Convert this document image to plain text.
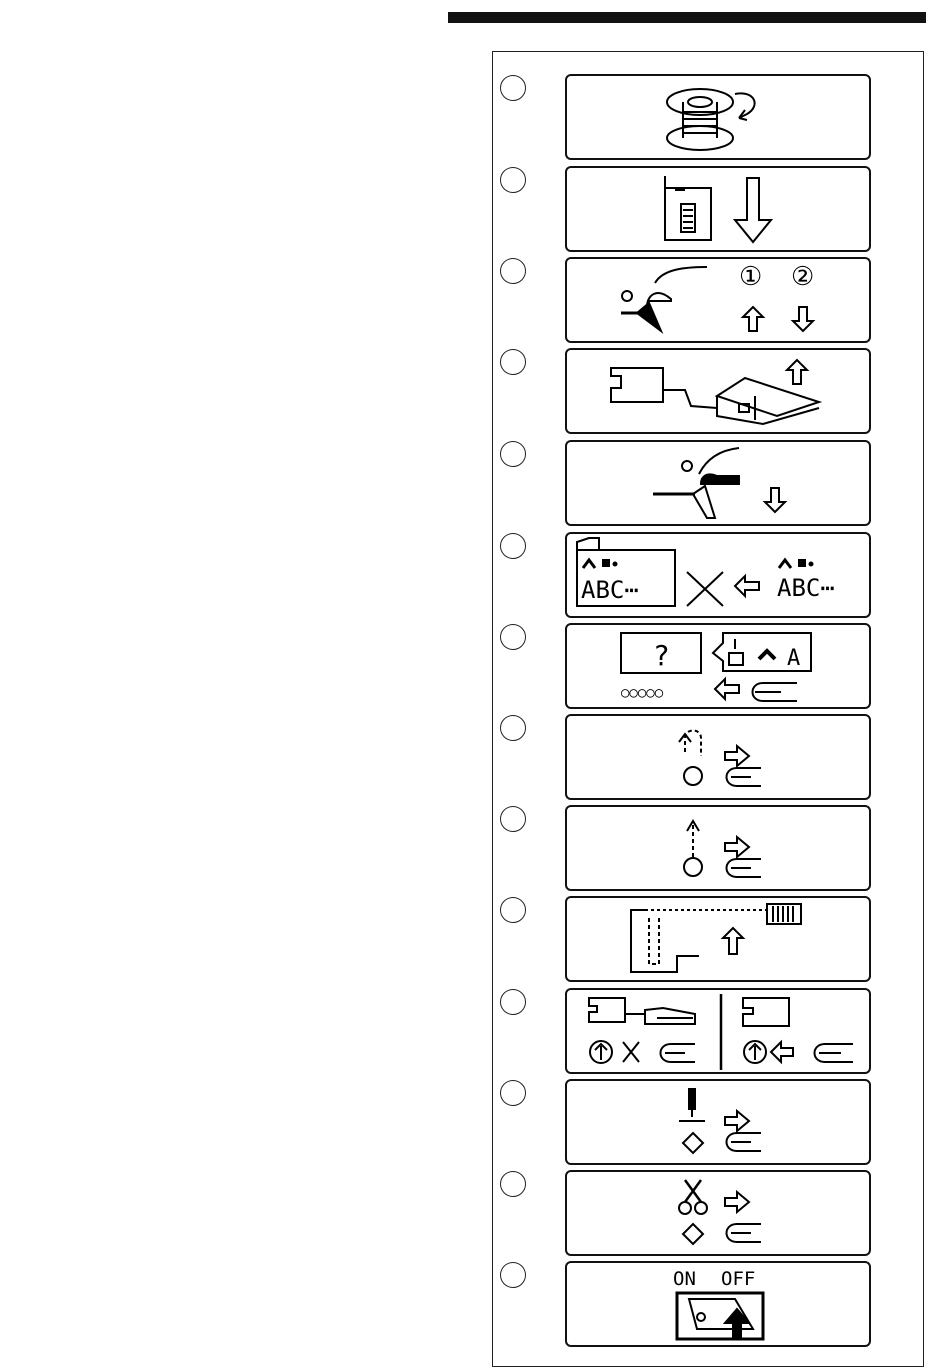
① ②
ABC⋯	ABC⋯
?	A
○○○○○
ON OFF
